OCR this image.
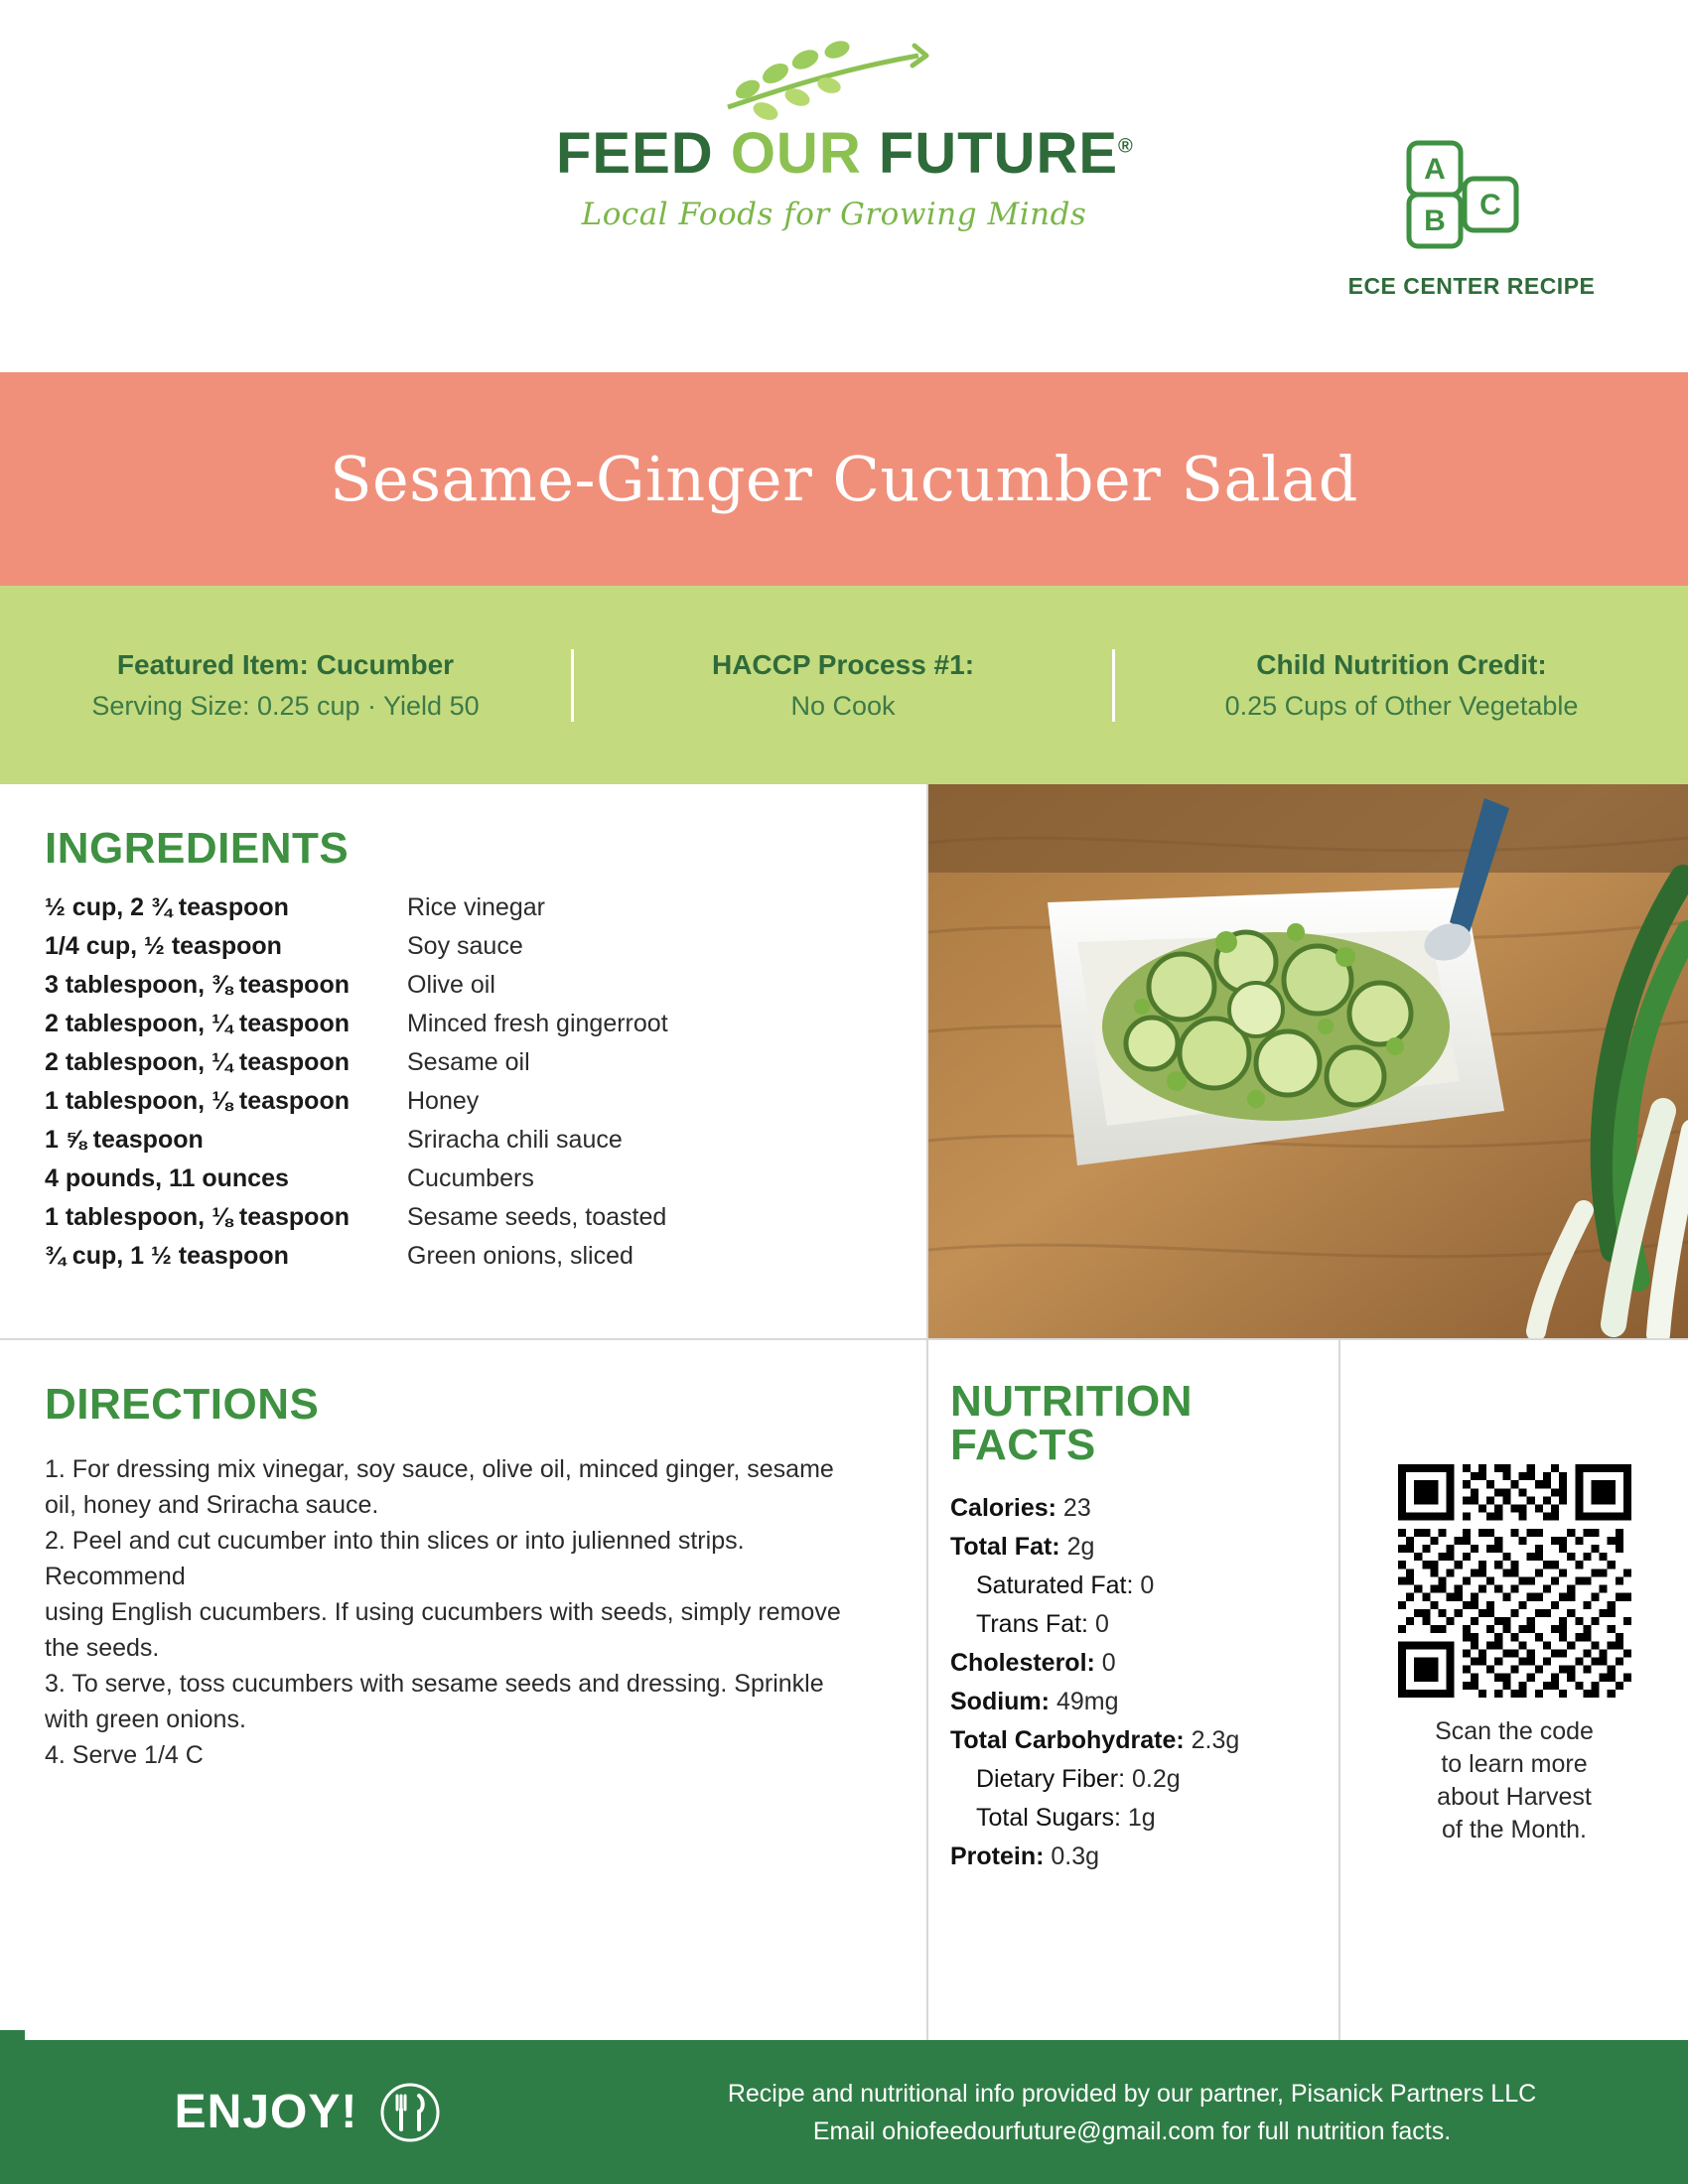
FEED OUR FUTURE®
Local Foods for Growing Minds
A
C
B
ECE CENTER RECIPE
Sesame-Ginger Cucumber Salad
Featured Item: Cucumber
Serving Size: 0.25 cup · Yield 50
HACCP Process #1:
No Cook
Child Nutrition Credit:
0.25 Cups of Other Vegetable
INGREDIENTS
½ cup, 2 ¾ teaspoon	Rice vinegar
1/4 cup, ½ teaspoon	Soy sauce
3 tablespoon, ⅜ teaspoon	Olive oil
2 tablespoon, ¼ teaspoon	Minced fresh gingerroot
2 tablespoon, ¼ teaspoon	Sesame oil
1 tablespoon, ⅛ teaspoon	Honey
1 ⅝ teaspoon	Sriracha chili sauce
4 pounds, 11 ounces	Cucumbers
1 tablespoon, ⅛ teaspoon	Sesame seeds, toasted
¾ cup, 1 ½ teaspoon	Green onions, sliced
DIRECTIONS
1. For dressing mix vinegar, soy sauce, olive oil, minced ginger, sesame oil, honey and Sriracha sauce.
2. Peel and cut cucumber into thin slices or into julienned strips. Recommend
using English cucumbers. If using cucumbers with seeds, simply remove the seeds.
3. To serve, toss cucumbers with sesame seeds and dressing. Sprinkle with green onions.
4. Serve 1/4 C
NUTRITION
FACTS
Calories: 23
Total Fat: 2g
Saturated Fat: 0
Trans Fat: 0
Cholesterol: 0
Sodium: 49mg
Total Carbohydrate: 2.3g
Dietary Fiber: 0.2g
Total Sugars: 1g
Protein: 0.3g
Scan the code
to learn more
about Harvest
of the Month.
ENJOY!	Recipe and nutritional info provided by our partner, Pisanick Partners LLC
Email ohiofeedourfuture@gmail.com for full nutrition facts.
